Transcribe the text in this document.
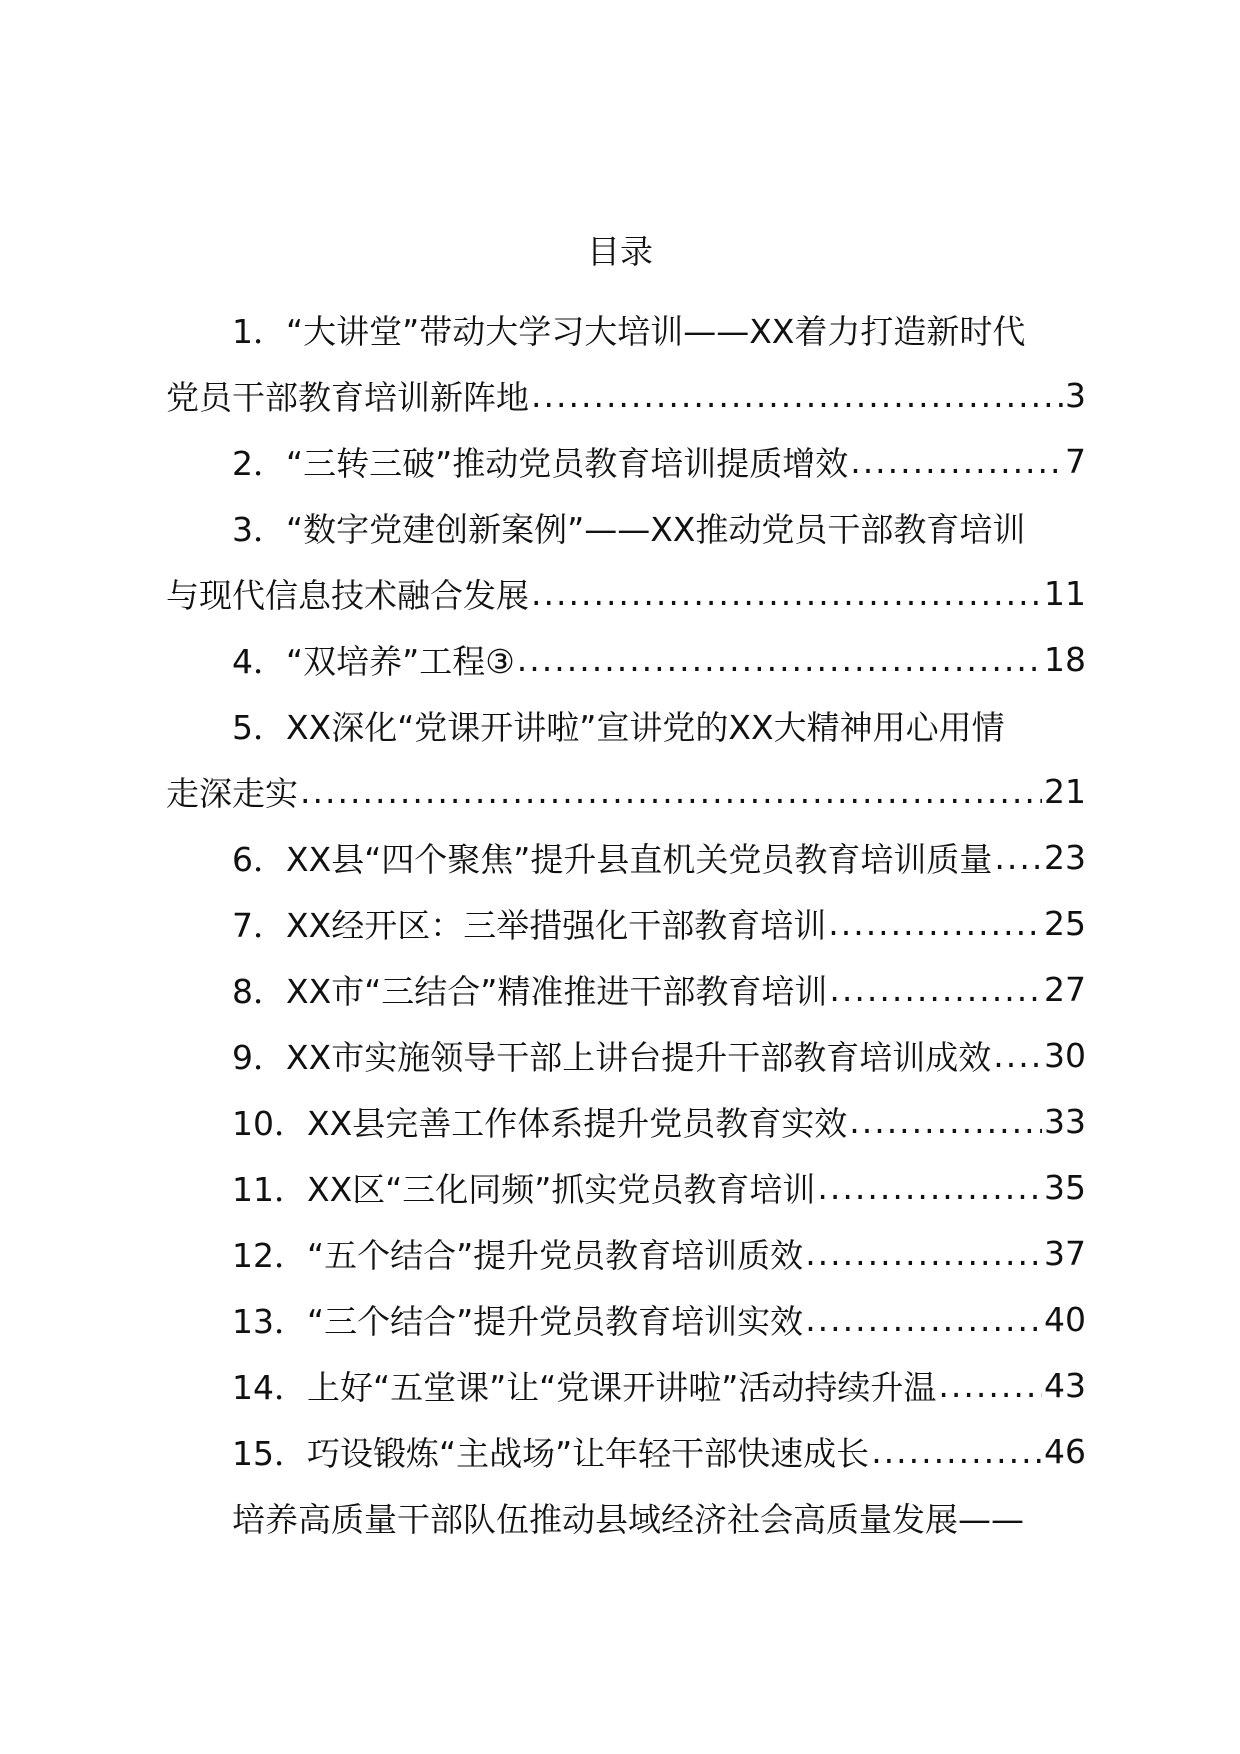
目录
1．“大讲堂”带动大学习大培训——XX着力打造新时代
党员干部教育培训新阵地 .....	3
2．“三转三破”推动党员教育培训提质增效 .....	7
3．“数字党建创新案例”——XX推动党员干部教育培训
与现代信息技术融合发展 .....	11
4．“双培养”工程③ .....	18
5．XX深化“党课开讲啦”宣讲党的XX大精神用心用情
走深走实 .....	21
6．XX县“四个聚焦”提升县直机关党员教育培训质量 ..... 23
7．XX经开区：三举措强化干部教育培训 .....	25
8．XX市“三结合”精准推进干部教育培训 .....	27
9．XX市实施领导干部上讲台提升干部教育培训成效 ..... 30
10．XX县完善工作体系提升党员教育实效 .....	33
11．XX区“三化同频”抓实党员教育培训 .....	35
12．“五个结合”提升党员教育培训质效 .....	37
13．“三个结合”提升党员教育培训实效 .....	40
14．上好“五堂课”让“党课开讲啦”活动持续升温 .....	43
15．巧设锻炼“主战场”让年轻干部快速成长 .....	46
培养高质量干部队伍推动县域经济社会高质量发展——
